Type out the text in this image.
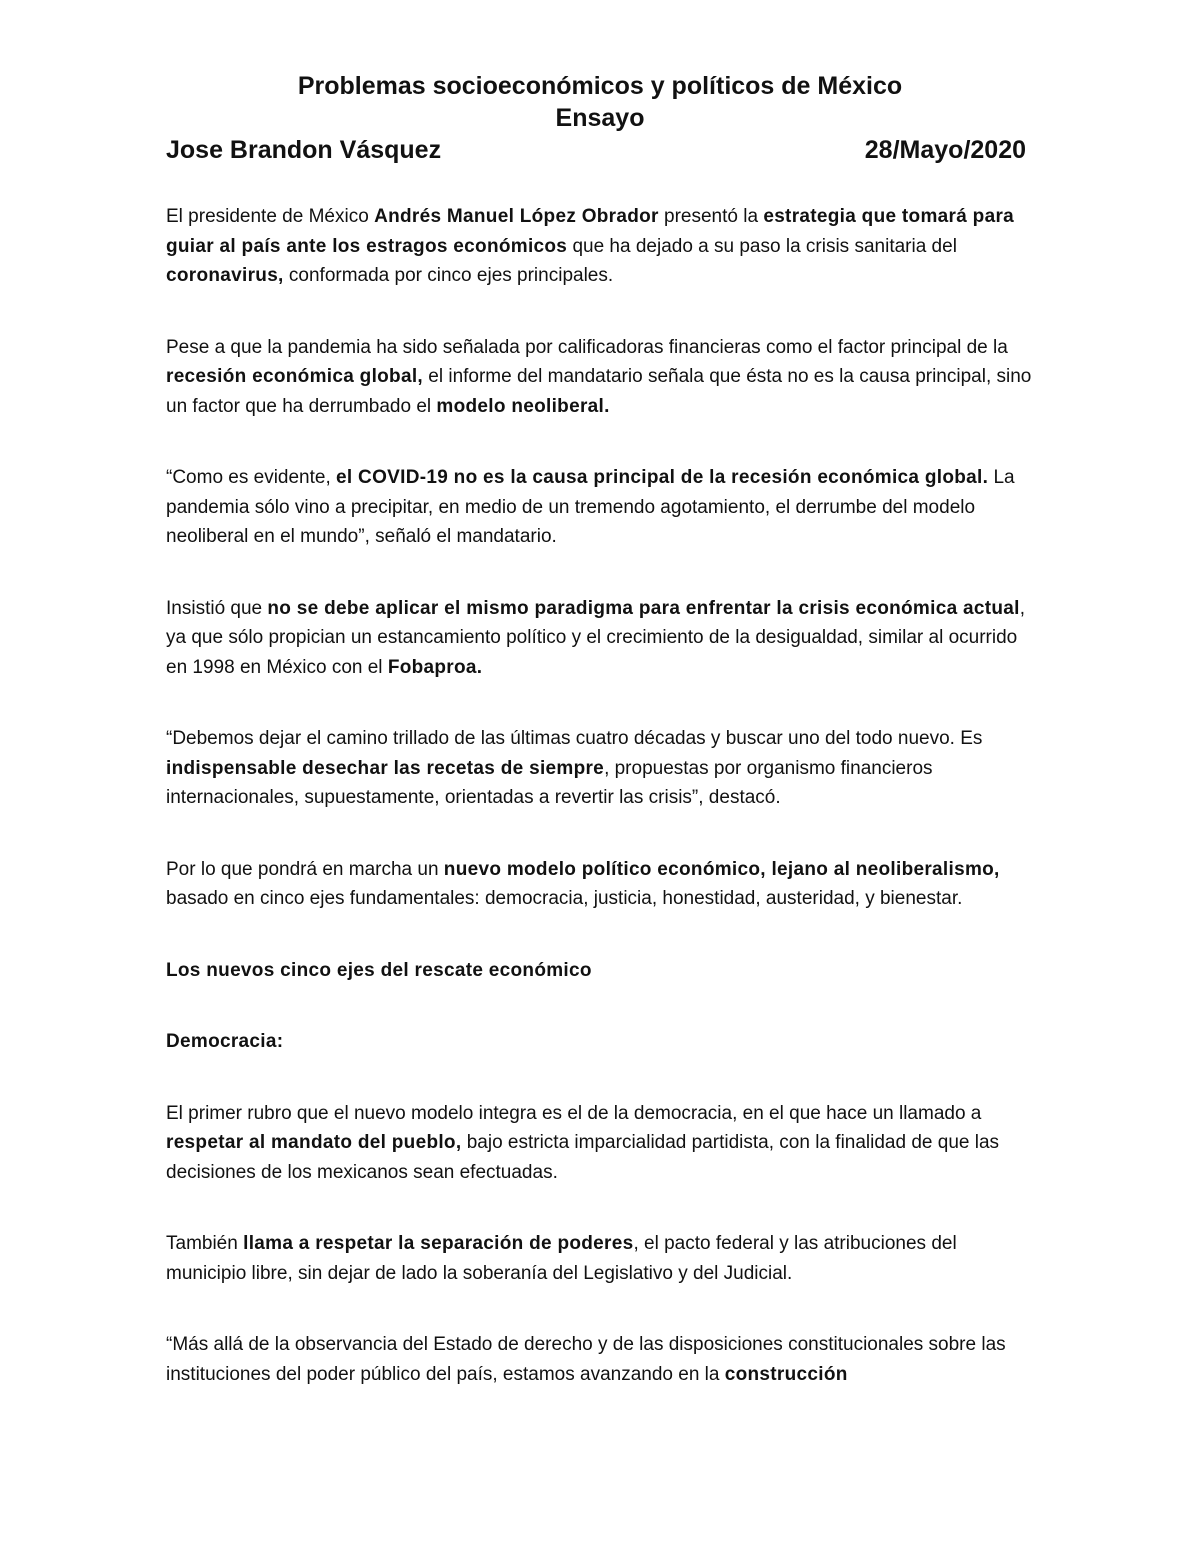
Problemas socioeconómicos y políticos de México
Ensayo
Jose Brandon Vásquez	28/Mayo/2020

El presidente de México Andrés Manuel López Obrador presentó la estrategia que tomará para guiar al país ante los estragos económicos que ha dejado a su paso la crisis sanitaria del coronavirus, conformada por cinco ejes principales.

Pese a que la pandemia ha sido señalada por calificadoras financieras como el factor principal de la recesión económica global, el informe del mandatario señala que ésta no es la causa principal, sino un factor que ha derrumbado el modelo neoliberal.

“Como es evidente, el COVID-19 no es la causa principal de la recesión económica global. La pandemia sólo vino a precipitar, en medio de un tremendo agotamiento, el derrumbe del modelo neoliberal en el mundo”, señaló el mandatario.

Insistió que no se debe aplicar el mismo paradigma para enfrentar la crisis económica actual, ya que sólo propician un estancamiento político y el crecimiento de la desigualdad, similar al ocurrido en 1998 en México con el Fobaproa.

“Debemos dejar el camino trillado de las últimas cuatro décadas y buscar uno del todo nuevo. Es indispensable desechar las recetas de siempre, propuestas por organismo financieros internacionales, supuestamente, orientadas a revertir las crisis”, destacó.

Por lo que pondrá en marcha un nuevo modelo político económico, lejano al neoliberalismo, basado en cinco ejes fundamentales: democracia, justicia, honestidad, austeridad, y bienestar.

Los nuevos cinco ejes del rescate económico

Democracia:

El primer rubro que el nuevo modelo integra es el de la democracia, en el que hace un llamado a respetar al mandato del pueblo, bajo estricta imparcialidad partidista, con la finalidad de que las decisiones de los mexicanos sean efectuadas.

También llama a respetar la separación de poderes, el pacto federal y las atribuciones del municipio libre, sin dejar de lado la soberanía del Legislativo y del Judicial.

“Más allá de la observancia del Estado de derecho y de las disposiciones constitucionales sobre las instituciones del poder público del país, estamos avanzando en la construcción
